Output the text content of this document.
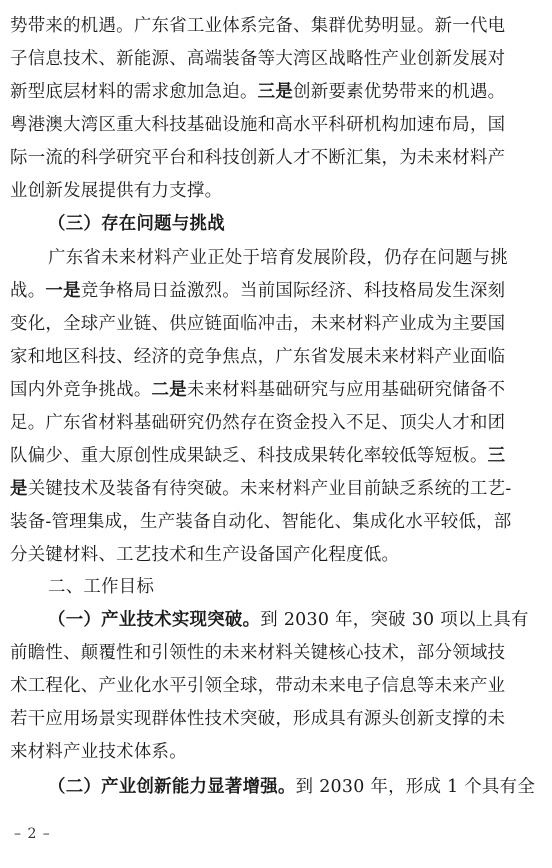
势带来的机遇。广东省工业体系完备、集群优势明显。新一代电
子信息技术、新能源、高端装备等大湾区战略性产业创新发展对
新型底层材料的需求愈加急迫。三是创新要素优势带来的机遇。
粤港澳大湾区重大科技基础设施和高水平科研机构加速布局，国
际一流的科学研究平台和科技创新人才不断汇集，为未来材料产
业创新发展提供有力支撑。
（三）存在问题与挑战
广东省未来材料产业正处于培育发展阶段，仍存在问题与挑
战。一是竞争格局日益激烈。当前国际经济、科技格局发生深刻
变化，全球产业链、供应链面临冲击，未来材料产业成为主要国
家和地区科技、经济的竞争焦点，广东省发展未来材料产业面临
国内外竞争挑战。二是未来材料基础研究与应用基础研究储备不
足。广东省材料基础研究仍然存在资金投入不足、顶尖人才和团
队偏少、重大原创性成果缺乏、科技成果转化率较低等短板。三
是关键技术及装备有待突破。未来材料产业目前缺乏系统的工艺-
装备-管理集成，生产装备自动化、智能化、集成化水平较低，部
分关键材料、工艺技术和生产设备国产化程度低。
二、工作目标
（一）产业技术实现突破。到 2030 年，突破 30 项以上具有
前瞻性、颠覆性和引领性的未来材料关键核心技术，部分领域技
术工程化、产业化水平引领全球，带动未来电子信息等未来产业
若干应用场景实现群体性技术突破，形成具有源头创新支撑的未
来材料产业技术体系。
（二）产业创新能力显著增强。到 2030 年，形成 1 个具有全
– 2 –
